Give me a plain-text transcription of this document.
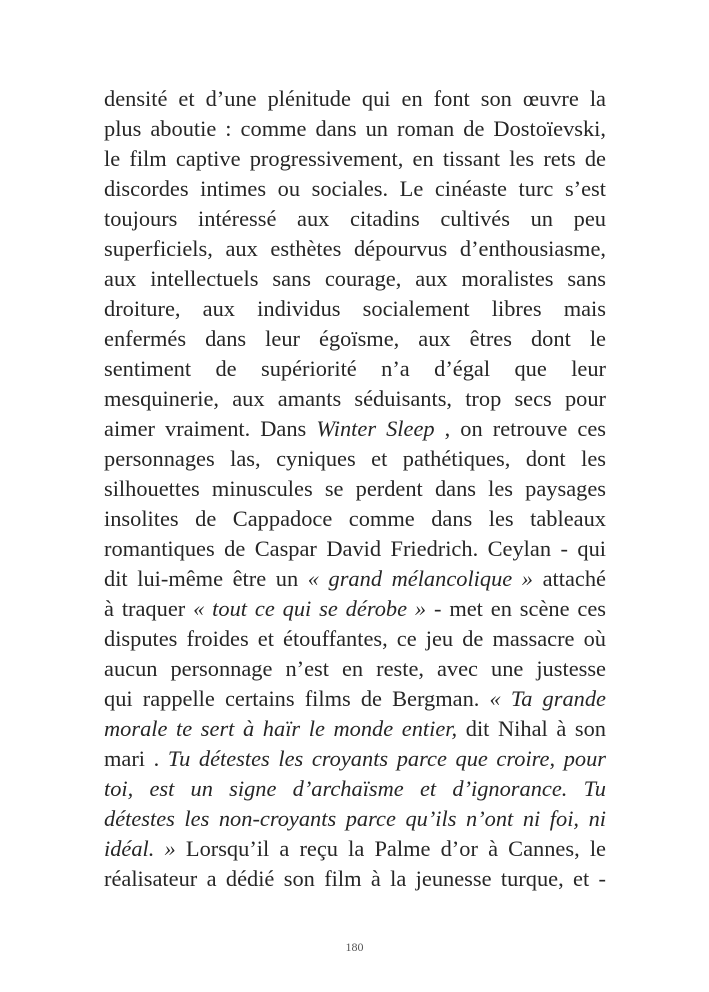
densité et d’une plénitude qui en font son œuvre la
plus aboutie : comme dans un roman de Dostoïevski,
le film captive progressivement, en tissant les rets de
discordes intimes ou sociales. Le cinéaste turc s’est
toujours intéressé aux citadins cultivés un peu
superficiels, aux esthètes dépourvus d’enthousiasme,
aux intellectuels sans courage, aux moralistes sans
droiture, aux individus socialement libres mais
enfermés dans leur égoïsme, aux êtres dont le
sentiment de supériorité n’a d’égal que leur
mesquinerie, aux amants séduisants, trop secs pour
aimer vraiment. Dans Winter Sleep , on retrouve ces
personnages las, cyniques et pathétiques, dont les
silhouettes minuscules se perdent dans les paysages
insolites de Cappadoce comme dans les tableaux
romantiques de Caspar David Friedrich. Ceylan - qui
dit lui-même être un « grand mélancolique » attaché
à traquer « tout ce qui se dérobe » - met en scène ces
disputes froides et étouffantes, ce jeu de massacre où
aucun personnage n’est en reste, avec une justesse
qui rappelle certains films de Bergman. « Ta grande
morale te sert à haïr le monde entier, dit Nihal à son
mari . Tu détestes les croyants parce que croire, pour
toi, est un signe d’archaïsme et d’ignorance. Tu
détestes les non-croyants parce qu’ils n’ont ni foi, ni
idéal. » Lorsqu’il a reçu la Palme d’or à Cannes, le
réalisateur a dédié son film à la jeunesse turque, et -
180
